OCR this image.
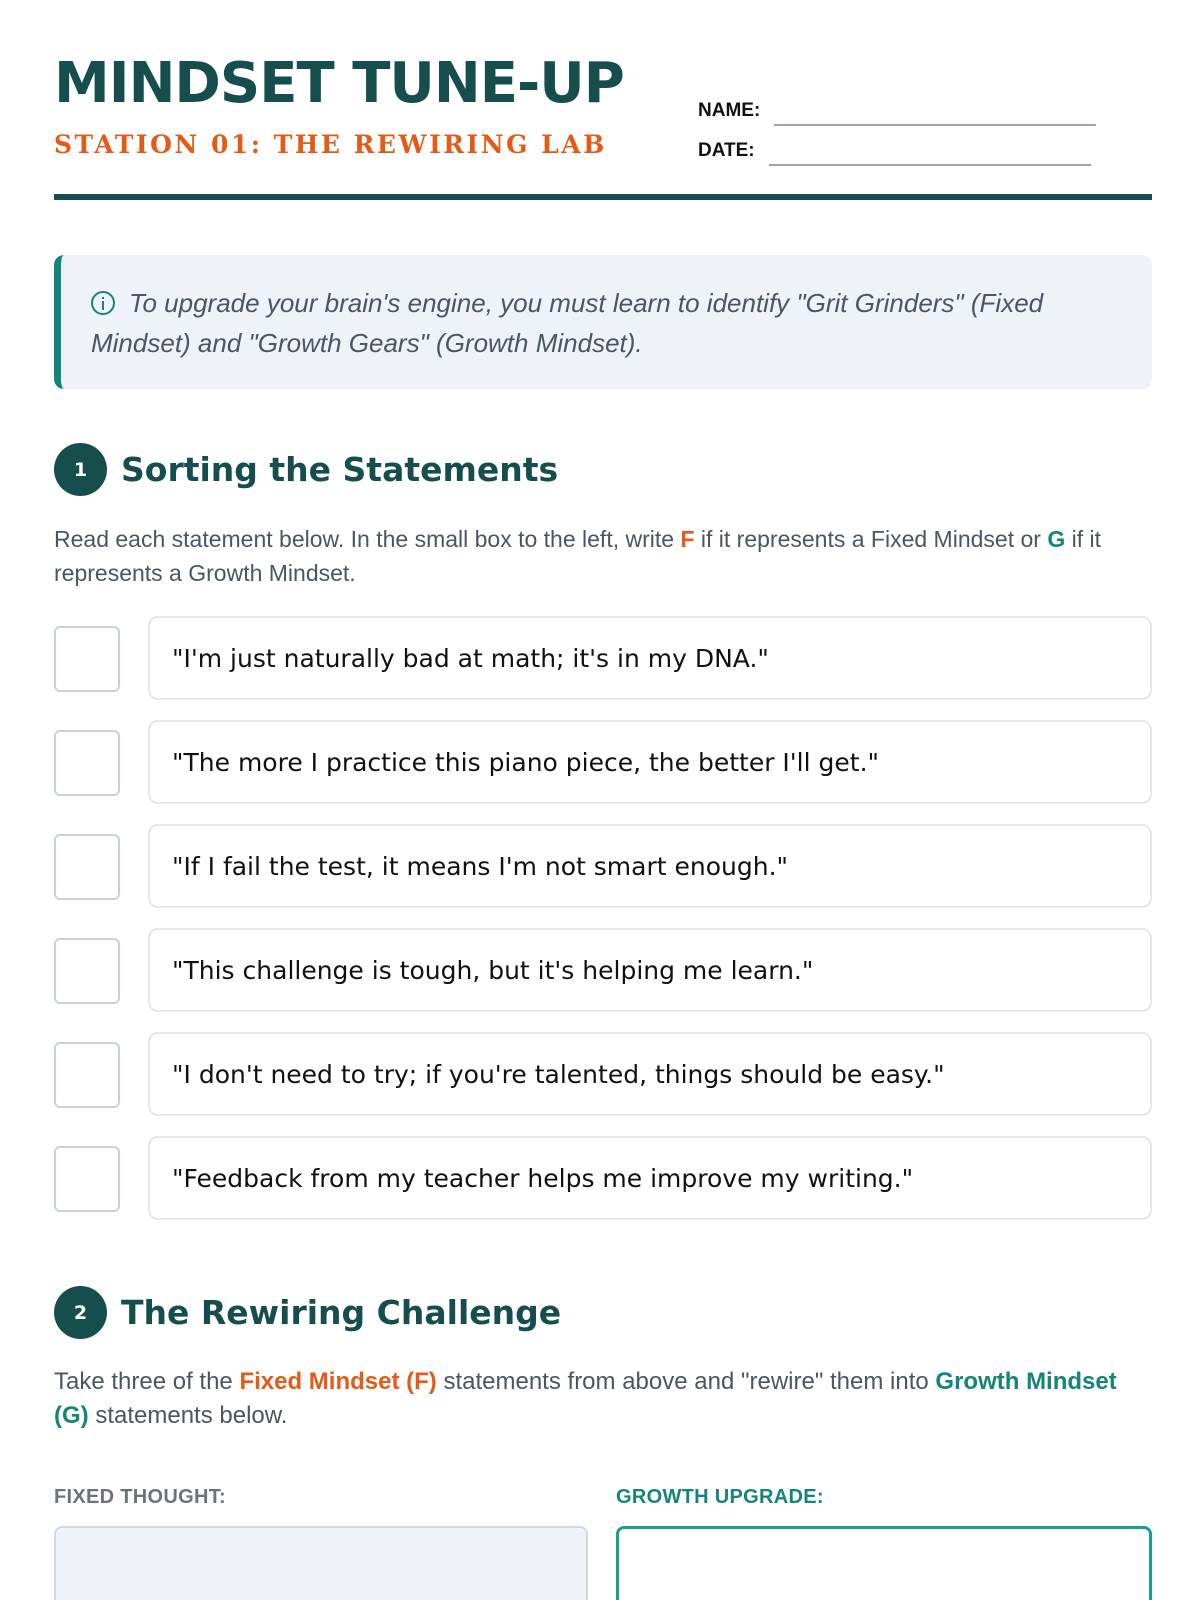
MINDSET TUNE-UP
STATION 01: THE REWIRING LAB
NAME:
DATE:

To upgrade your brain's engine, you must learn to identify "Grit Grinders" (Fixed Mindset) and "Growth Gears" (Growth Mindset).

1	Sorting the Statements

Read each statement below. In the small box to the left, write F if it represents a Fixed Mindset or G if it represents a Growth Mindset.

"I'm just naturally bad at math; it's in my DNA."
"The more I practice this piano piece, the better I'll get."
"If I fail the test, it means I'm not smart enough."
"This challenge is tough, but it's helping me learn."
"I don't need to try; if you're talented, things should be easy."
"Feedback from my teacher helps me improve my writing."
2	The Rewiring Challenge

Take three of the Fixed Mindset (F) statements from above and "rewire" them into Growth Mindset (G) statements below.

FIXED THOUGHT:	GROWTH UPGRADE:
